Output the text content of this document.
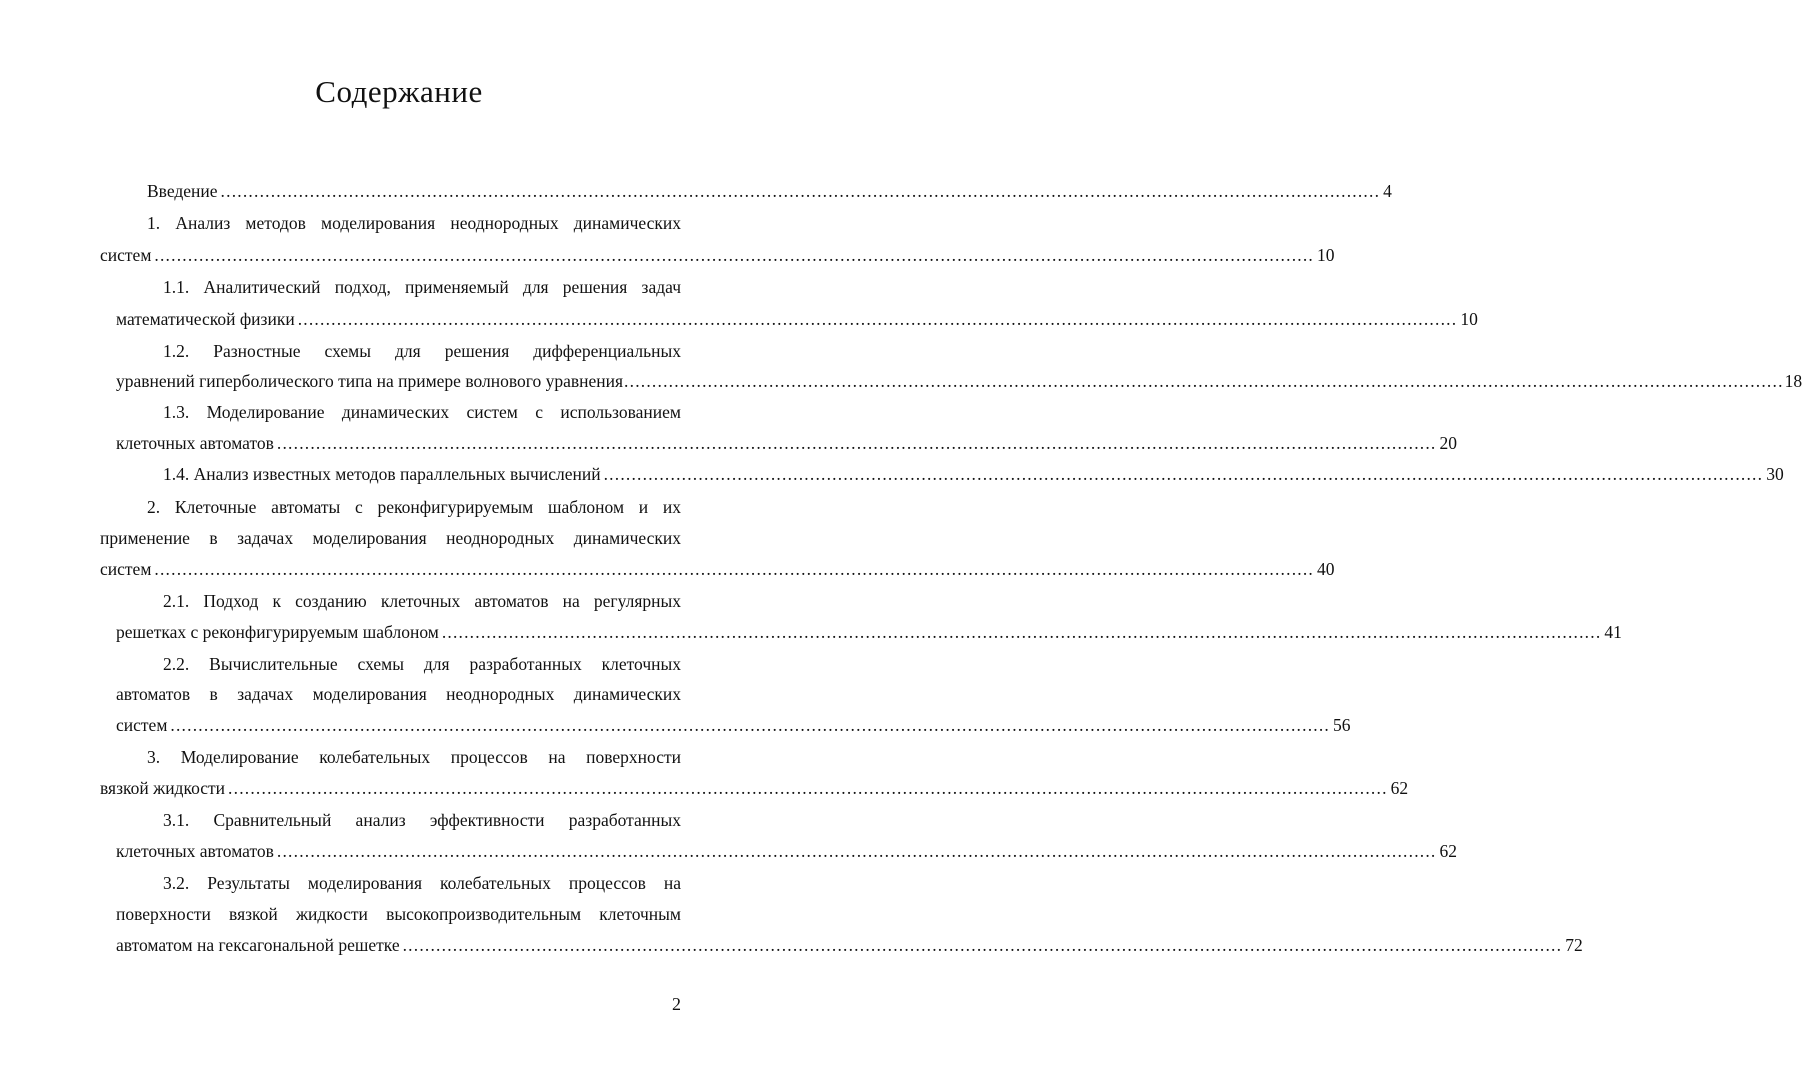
Содержание
Введение ................................................................................................................................................................................................................ 4
1. Анализ методов моделирования неоднородных динамических
систем ................................................................................................................................................................................................................ 10
1.1. Аналитический подход, применяемый для решения задач
математической физики ................................................................................................................................................................................................................ 10
1.2. Разностные схемы для решения дифференциальных
уравнений гиперболического типа на примере волнового уравнения ................................................................................................................................................................................................................ 18
1.3. Моделирование динамических систем с использованием
клеточных автоматов ................................................................................................................................................................................................................ 20
1.4. Анализ известных методов параллельных вычислений ................................................................................................................................................................................................................ 30
2. Клеточные автоматы с реконфигурируемым шаблоном и их
применение в задачах моделирования неоднородных динамических
систем ................................................................................................................................................................................................................ 40
2.1. Подход к созданию клеточных автоматов на регулярных
решетках с реконфигурируемым шаблоном ................................................................................................................................................................................................................ 41
2.2. Вычислительные схемы для разработанных клеточных
автоматов в задачах моделирования неоднородных динамических
систем ................................................................................................................................................................................................................ 56
3. Моделирование колебательных процессов на поверхности
вязкой жидкости ................................................................................................................................................................................................................ 62
3.1. Сравнительный анализ эффективности разработанных
клеточных автоматов ................................................................................................................................................................................................................ 62
3.2. Результаты моделирования колебательных процессов на
поверхности вязкой жидкости высокопроизводительным клеточным
автоматом на гексагональной решетке ................................................................................................................................................................................................................ 72
2
